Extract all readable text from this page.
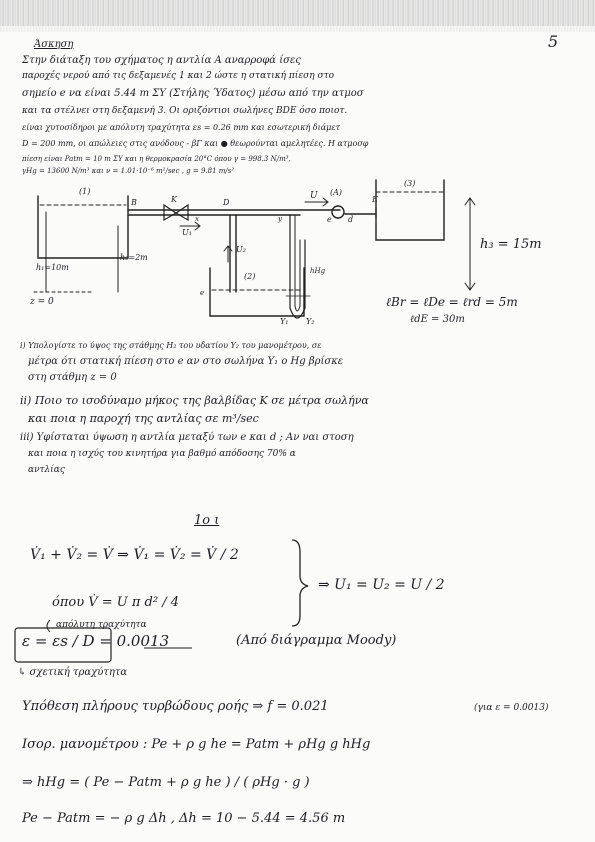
Άσκηση	5
Στην διάταξη του σχήματος η αντλία Α αναρροφά ίσες
παροχές νερού από τις δεξαμενές 1 και 2 ώστε η στατική πίεση στο
σημείο e να είναι 5.44 m ΣΥ (Στήλης Ύδατος) μέσω από την ατμοσ
και τα στέλνει στη δεξαμενή 3. Οι οριζόντιοι σωλήνες ΒDΕ όσο ποιοτ.
είναι χυτοσίδηροι με απόλυτη τραχύτητα εs = 0.26 mm και εσωτερική διάμετ
D = 200 mm, οι απώλειες στις ανόδους - βΓ και ● θεωρούνται αμελητέες. Η ατμοσφ
πίεση είναι Patm = 10 m ΣΥ και η θερμοκρασία 20°C όπου γ = 998.3 N/m³,
γHg = 13600 N/m³ και ν = 1.01·10⁻⁶ m²/sec , g = 9.81 m/s²
(1)
(2)
(3)
(A)
B	K	D	E
e d
x	y
e
U
U₁
U₂
Y₁ Y₂
h₁=10m
h₂=2m
h₃ = 15m
hHg
z = 0	ℓBr = ℓDe = ℓrd = 5m
ℓdE = 30m
i) Υπολογίστε το ύψος της στάθμης H₂ του υδατίου Y₂ του μανομέτρου, σε
μέτρα ότι στατική πίεση στο e αν στο σωλήνα Y₁ ο Hg βρίσκε
στη στάθμη z = 0
ii) Ποιο το ισοδύναμο μήκος της βαλβίδας Κ σε μέτρα σωλήνα
και ποια η παροχή της αντλίας σε m³/sec
iii) Υφίσταται ύψωση η αντλία μεταξύ των e και d ; Αν ναι στοση
και ποια η ισχύς του κινητήρα για βαθμό απόδοσης 70% α
αντλίας
1ο ι
V̇₁ + V̇₂ = V̇ ⇒ V̇₁ = V̇₂ = V̇ / 2
⇒ U₁ = U₂ = U / 2
όπου V̇ = U π d² / 4
απόλυτη τραχύτητα
ε = εs / D = 0.0013	(Από διάγραμμα Moody)
↳ σχετική τραχύτητα
Υπόθεση πλήρους τυρβώδους ροής ⇒ f = 0.021	(για ε = 0.0013)
Ισορ. μανομέτρου : Pe + ρ g he = Patm + ρHg g hHg
⇒ hHg = ( Pe − Patm + ρ g he ) / ( ρHg · g )
Pe − Patm = − ρ g Δh , Δh = 10 − 5.44 = 4.56 m
